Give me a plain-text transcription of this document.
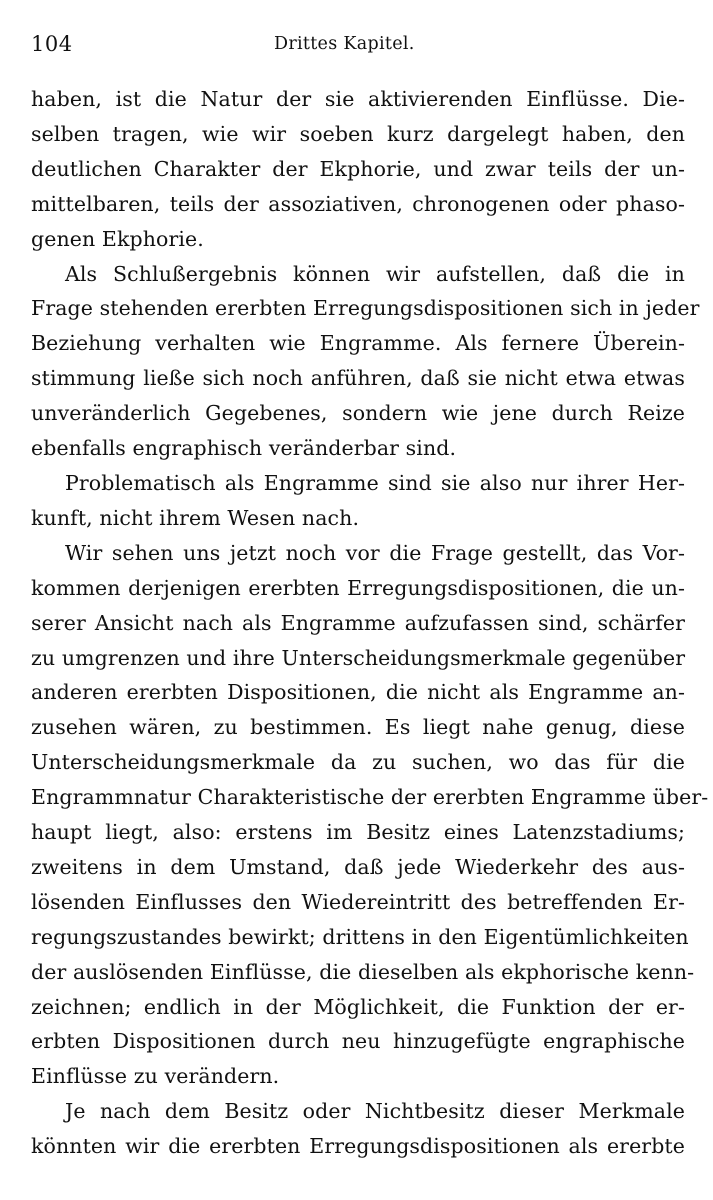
104	Drittes Kapitel.

haben, ist die Natur der sie aktivierenden Einflüsse. Die-
selben tragen, wie wir soeben kurz dargelegt haben, den
deutlichen Charakter der Ekphorie, und zwar teils der un-
mittelbaren, teils der assoziativen, chronogenen oder phaso-
genen Ekphorie.

Als Schlußergebnis können wir aufstellen, daß die in
Frage stehenden ererbten Erregungsdispositionen sich in jeder
Beziehung verhalten wie Engramme. Als fernere Überein-
stimmung ließe sich noch anführen, daß sie nicht etwa etwas
unveränderlich Gegebenes, sondern wie jene durch Reize
ebenfalls engraphisch veränderbar sind.

Problematisch als Engramme sind sie also nur ihrer Her-
kunft, nicht ihrem Wesen nach.

Wir sehen uns jetzt noch vor die Frage gestellt, das Vor-
kommen derjenigen ererbten Erregungsdispositionen, die un-
serer Ansicht nach als Engramme aufzufassen sind, schärfer
zu umgrenzen und ihre Unterscheidungsmerkmale gegenüber
anderen ererbten Dispositionen, die nicht als Engramme an-
zusehen wären, zu bestimmen. Es liegt nahe genug, diese
Unterscheidungsmerkmale da zu suchen, wo das für die
Engrammnatur Charakteristische der ererbten Engramme über-
haupt liegt, also: erstens im Besitz eines Latenzstadiums;
zweitens in dem Umstand, daß jede Wiederkehr des aus-
lösenden Einflusses den Wiedereintritt des betreffenden Er-
regungszustandes bewirkt; drittens in den Eigentümlichkeiten
der auslösenden Einflüsse, die dieselben als ekphorische kenn-
zeichnen; endlich in der Möglichkeit, die Funktion der er-
erbten Dispositionen durch neu hinzugefügte engraphische
Einflüsse zu verändern.

Je nach dem Besitz oder Nichtbesitz dieser Merkmale
könnten wir die ererbten Erregungsdispositionen als ererbte
